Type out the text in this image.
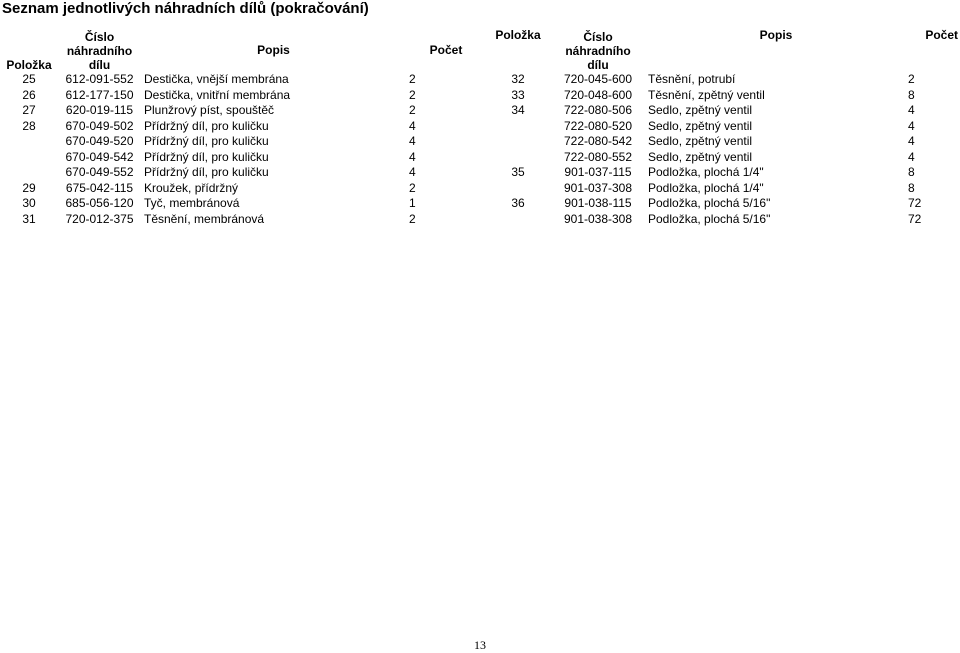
Seznam jednotlivých náhradních dílů (pokračování)
Položka	Číslo
náhradního
dílu	Popis	Počet	Položka	Číslo
náhradního
dílu	Popis	Počet
25	612-091-552	Destička, vnější membrána	2	32	720-045-600	Těsnění, potrubí	2
26	612-177-150	Destička, vnitřní membrána	2	33	720-048-600	Těsnění, zpětný ventil	8
27	620-019-115	Plunžrový píst, spouštěč	2	34	722-080-506	Sedlo, zpětný ventil	4
28	670-049-502	Přídržný díl, pro kuličku	4		722-080-520	Sedlo, zpětný ventil	4
	670-049-520	Přídržný díl, pro kuličku	4		722-080-542	Sedlo, zpětný ventil	4
	670-049-542	Přídržný díl, pro kuličku	4		722-080-552	Sedlo, zpětný ventil	4
	670-049-552	Přídržný díl, pro kuličku	4	35	901-037-115	Podložka, plochá 1/4"	8
29	675-042-115	Kroužek, přídržný	2		901-037-308	Podložka, plochá 1/4"	8
30	685-056-120	Tyč, membránová	1	36	901-038-115	Podložka, plochá 5/16"	72
31	720-012-375	Těsnění, membránová	2		901-038-308	Podložka, plochá 5/16"	72
13
